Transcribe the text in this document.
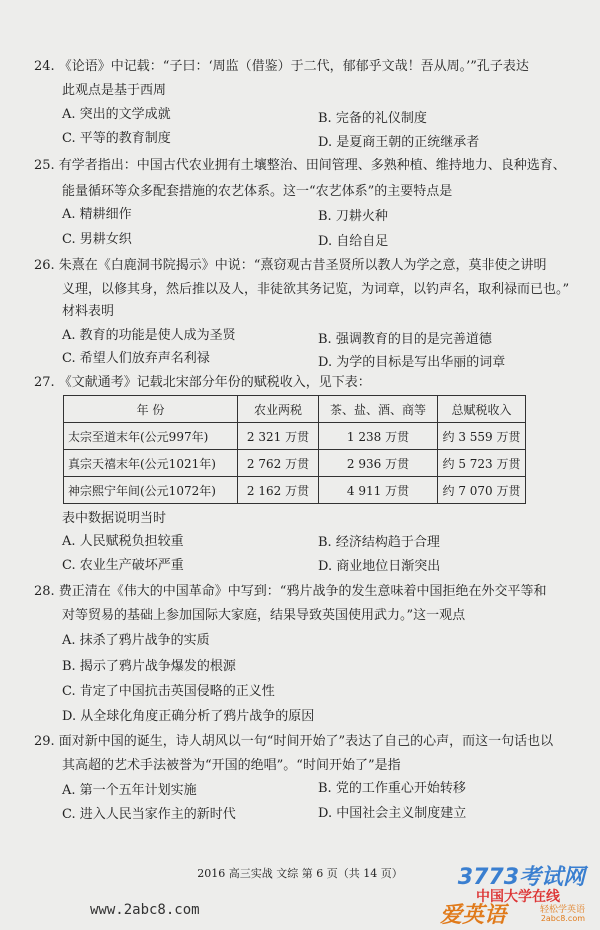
24. 《论语》中记载：“子曰：‘周监（借鉴）于二代，郁郁乎文哉！吾从周。’”孔子表达
此观点是基于西周
A. 突出的文学成就	B. 完备的礼仪制度
C. 平等的教育制度	D. 是夏商王朝的正统继承者
25. 有学者指出：中国古代农业拥有土壤整治、田间管理、多熟种植、维持地力、良种选育、
能量循环等众多配套措施的农艺体系。这一“农艺体系”的主要特点是
A. 精耕细作	B. 刀耕火种
C. 男耕女织	D. 自给自足
26. 朱熹在《白鹿洞书院揭示》中说：“熹窃观古昔圣贤所以教人为学之意，莫非使之讲明
义理，以修其身，然后推以及人，非徒欲其务记览，为词章，以钓声名，取利禄而已也。”
材料表明
A. 教育的功能是使人成为圣贤	B. 强调教育的目的是完善道德
C. 希望人们放弃声名利禄	D. 为学的目标是写出华丽的词章
27. 《文献通考》记载北宋部分年份的赋税收入，见下表：
年 份	农业两税	茶、盐、酒、商等	总赋税收入
太宗至道末年(公元997年)	2 321 万贯	1 238 万贯	约 3 559 万贯
真宗天禧末年(公元1021年)	2 762 万贯	2 936 万贯	约 5 723 万贯
神宗熙宁年间(公元1072年)	2 162 万贯	4 911 万贯	约 7 070 万贯
表中数据说明当时
A. 人民赋税负担较重	B. 经济结构趋于合理
C. 农业生产破坏严重	D. 商业地位日渐突出
28. 费正清在《伟大的中国革命》中写到：“鸦片战争的发生意味着中国拒绝在外交平等和
对等贸易的基础上参加国际大家庭，结果导致英国使用武力。”这一观点
A. 抹杀了鸦片战争的实质
B. 揭示了鸦片战争爆发的根源
C. 肯定了中国抗击英国侵略的正义性
D. 从全球化角度正确分析了鸦片战争的原因
29. 面对新中国的诞生，诗人胡风以一句“时间开始了”表达了自己的心声，而这一句话也以
其高超的艺术手法被誉为“开国的绝唱”。“时间开始了”是指
A. 第一个五年计划实施	B. 党的工作重心开始转移
C. 进入人民当家作主的新时代	D. 中国社会主义制度建立
2016 高三实战 文综 第 6 页（共 14 页）
www.2abc8.com
3773考试网
中国大学在线
爱英语	轻松学英语
2abc8.com
